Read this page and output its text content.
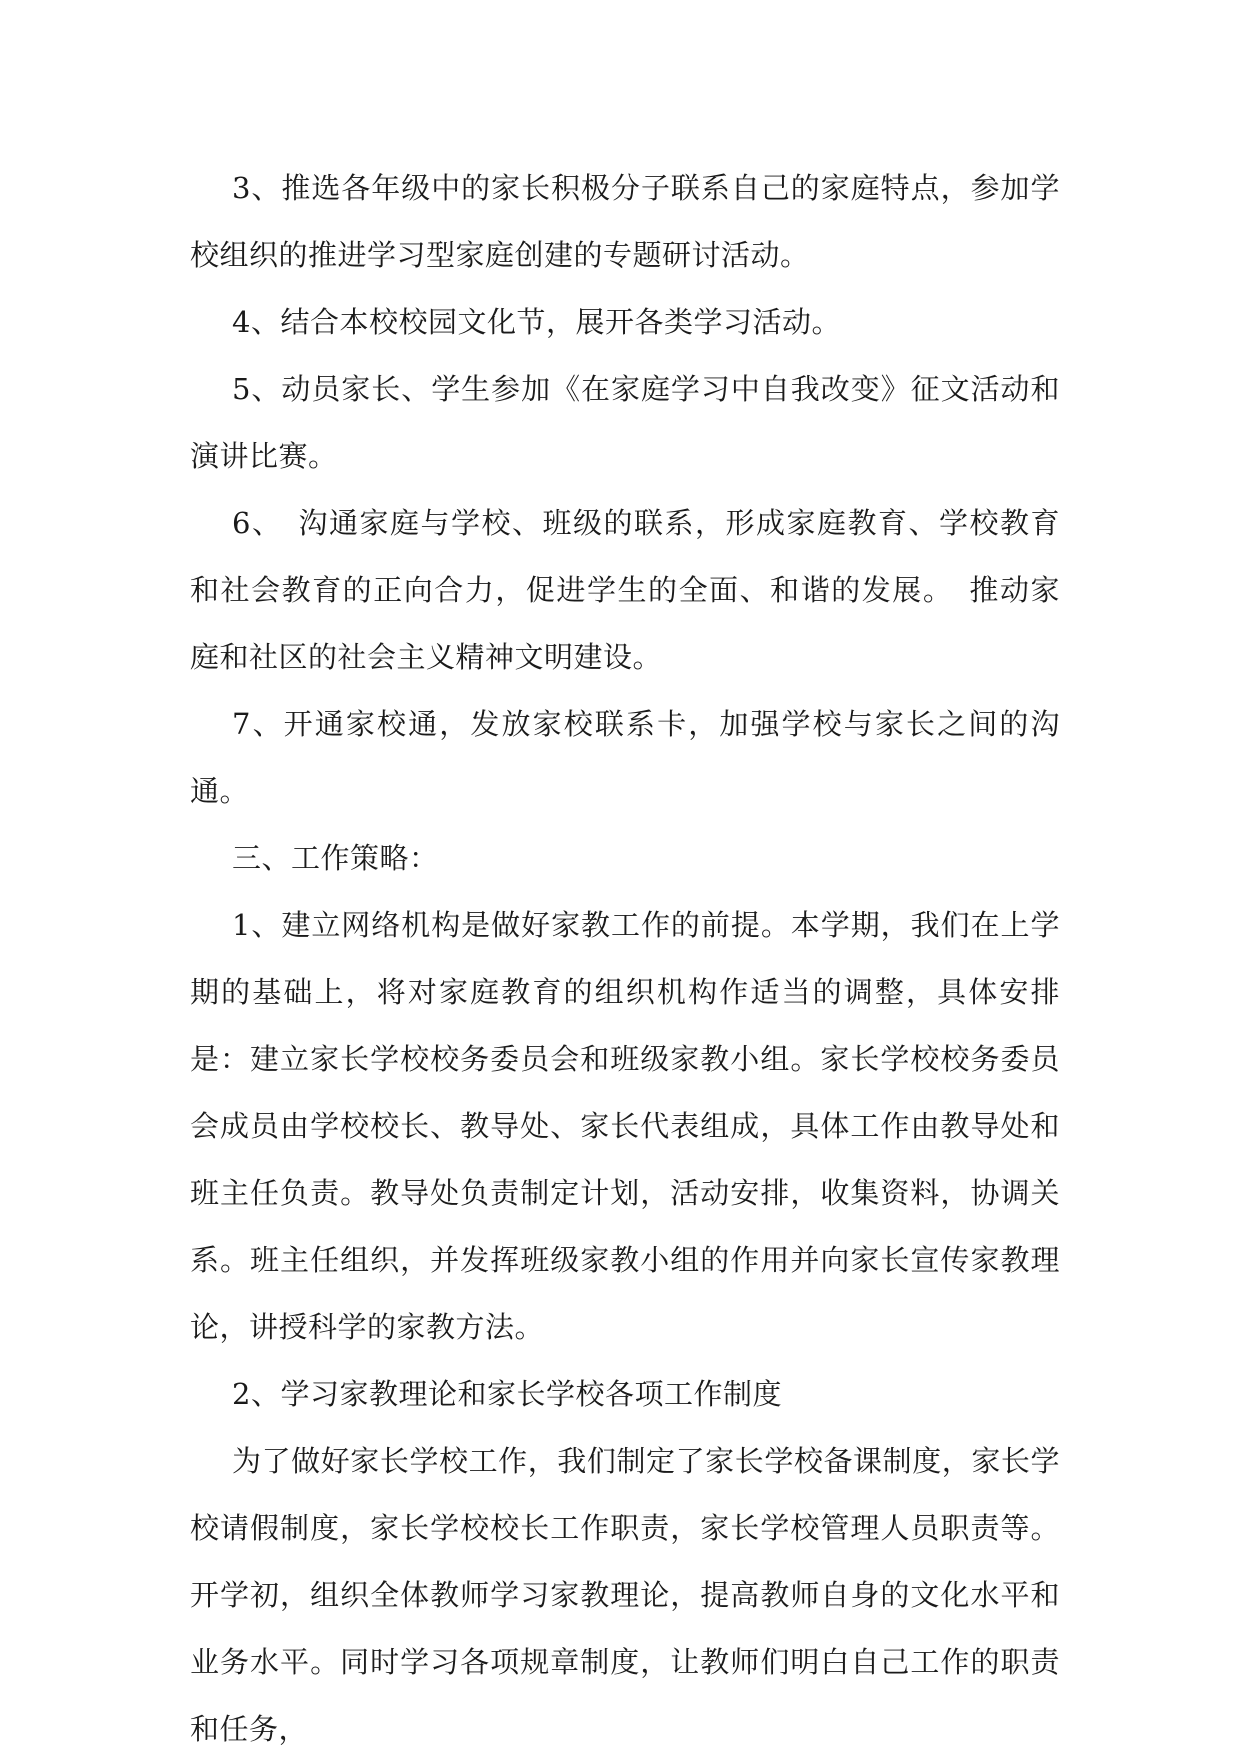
3、推选各年级中的家长积极分子联系自己的家庭特点，参加学校组织的推进学习型家庭创建的专题研讨活动。

4、结合本校校园文化节，展开各类学习活动。

5、动员家长、学生参加《在家庭学习中自我改变》征文活动和演讲比赛。

6、　沟通家庭与学校、班级的联系，形成家庭教育、学校教育和社会教育的正向合力，促进学生的全面、和谐的发展。　推动家庭和社区的社会主义精神文明建设。

7、开通家校通，发放家校联系卡，加强学校与家长之间的沟通。

三、工作策略：

1、建立网络机构是做好家教工作的前提。本学期，我们在上学期的基础上，将对家庭教育的组织机构作适当的调整，具体安排是：建立家长学校校务委员会和班级家教小组。家长学校校务委员会成员由学校校长、教导处、家长代表组成，具体工作由教导处和班主任负责。教导处负责制定计划，活动安排，收集资料，协调关系。班主任组织，并发挥班级家教小组的作用并向家长宣传家教理论，讲授科学的家教方法。

2、学习家教理论和家长学校各项工作制度

为了做好家长学校工作，我们制定了家长学校备课制度，家长学校请假制度，家长学校校长工作职责，家长学校管理人员职责等。开学初，组织全体教师学习家教理论，提高教师自身的文化水平和业务水平。同时学习各项规章制度，让教师们明白自己工作的职责和任务，
